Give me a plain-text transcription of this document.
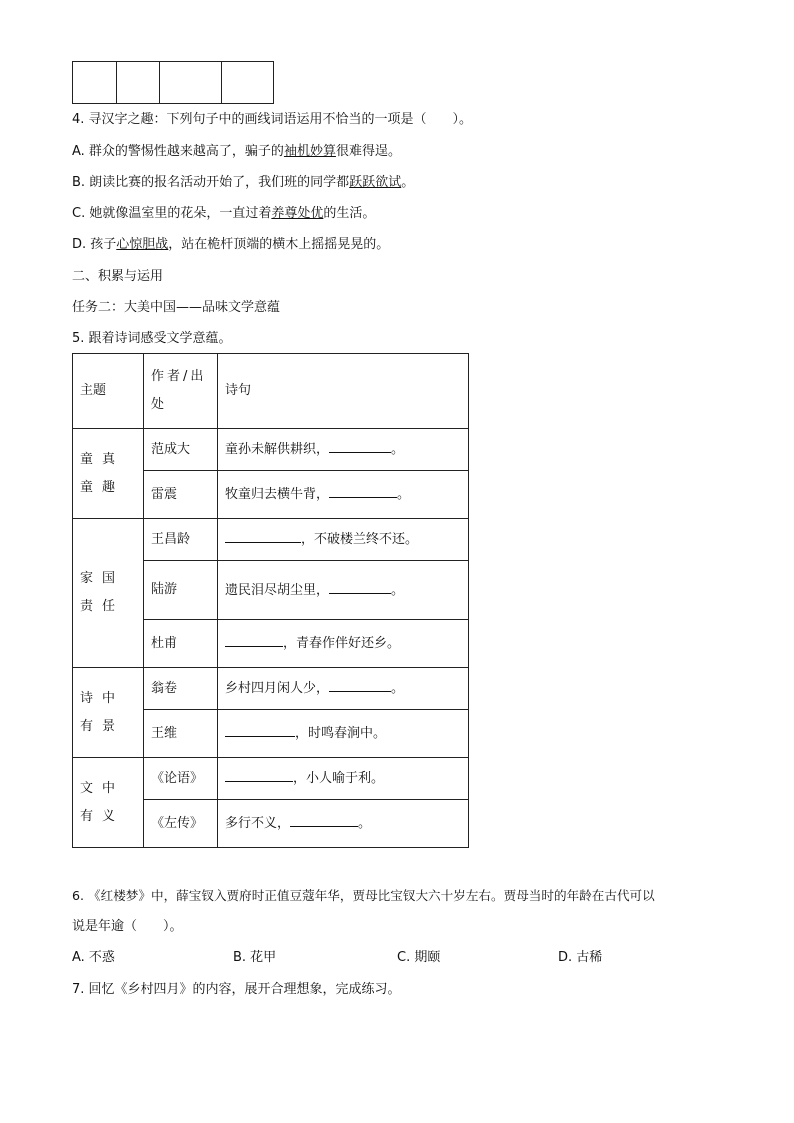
4. 寻汉字之趣：下列句子中的画线词语运用不恰当的一项是（　　）。
A. 群众的警惕性越来越高了，骗子的袖机妙算很难得逞。
B. 朗读比赛的报名活动开始了，我们班的同学都跃跃欲试。
C. 她就像温室里的花朵，一直过着养尊处优的生活。
D. 孩子心惊胆战，站在桅杆顶端的横木上摇摇晃晃的。
二、积累与运用
任务二：大美中国——品味文学意蕴
5. 跟着诗词感受文学意蕴。
主题	作者/出处	诗句
童真童趣	范成大	童孙未解供耕织， 。
	雷震	牧童归去横牛背， 。
家国责任	王昌龄	，不破楼兰终不还。
	陆游	遗民泪尽胡尘里， 。
	杜甫	，青春作伴好还乡。
诗中有景	翁卷	乡村四月闲人少， 。
	王维	，时鸣春涧中。
文中有义	《论语》	，小人喻于利。
	《左传》	多行不义， 。
6. 《红楼梦》中，薛宝钗入贾府时正值豆蔻年华，贾母比宝钗大六十岁左右。贾母当时的年龄在古代可以
说是年逾（　　）。
A. 不惑	B. 花甲	C. 期颐	D. 古稀
7. 回忆《乡村四月》的内容，展开合理想象，完成练习。
